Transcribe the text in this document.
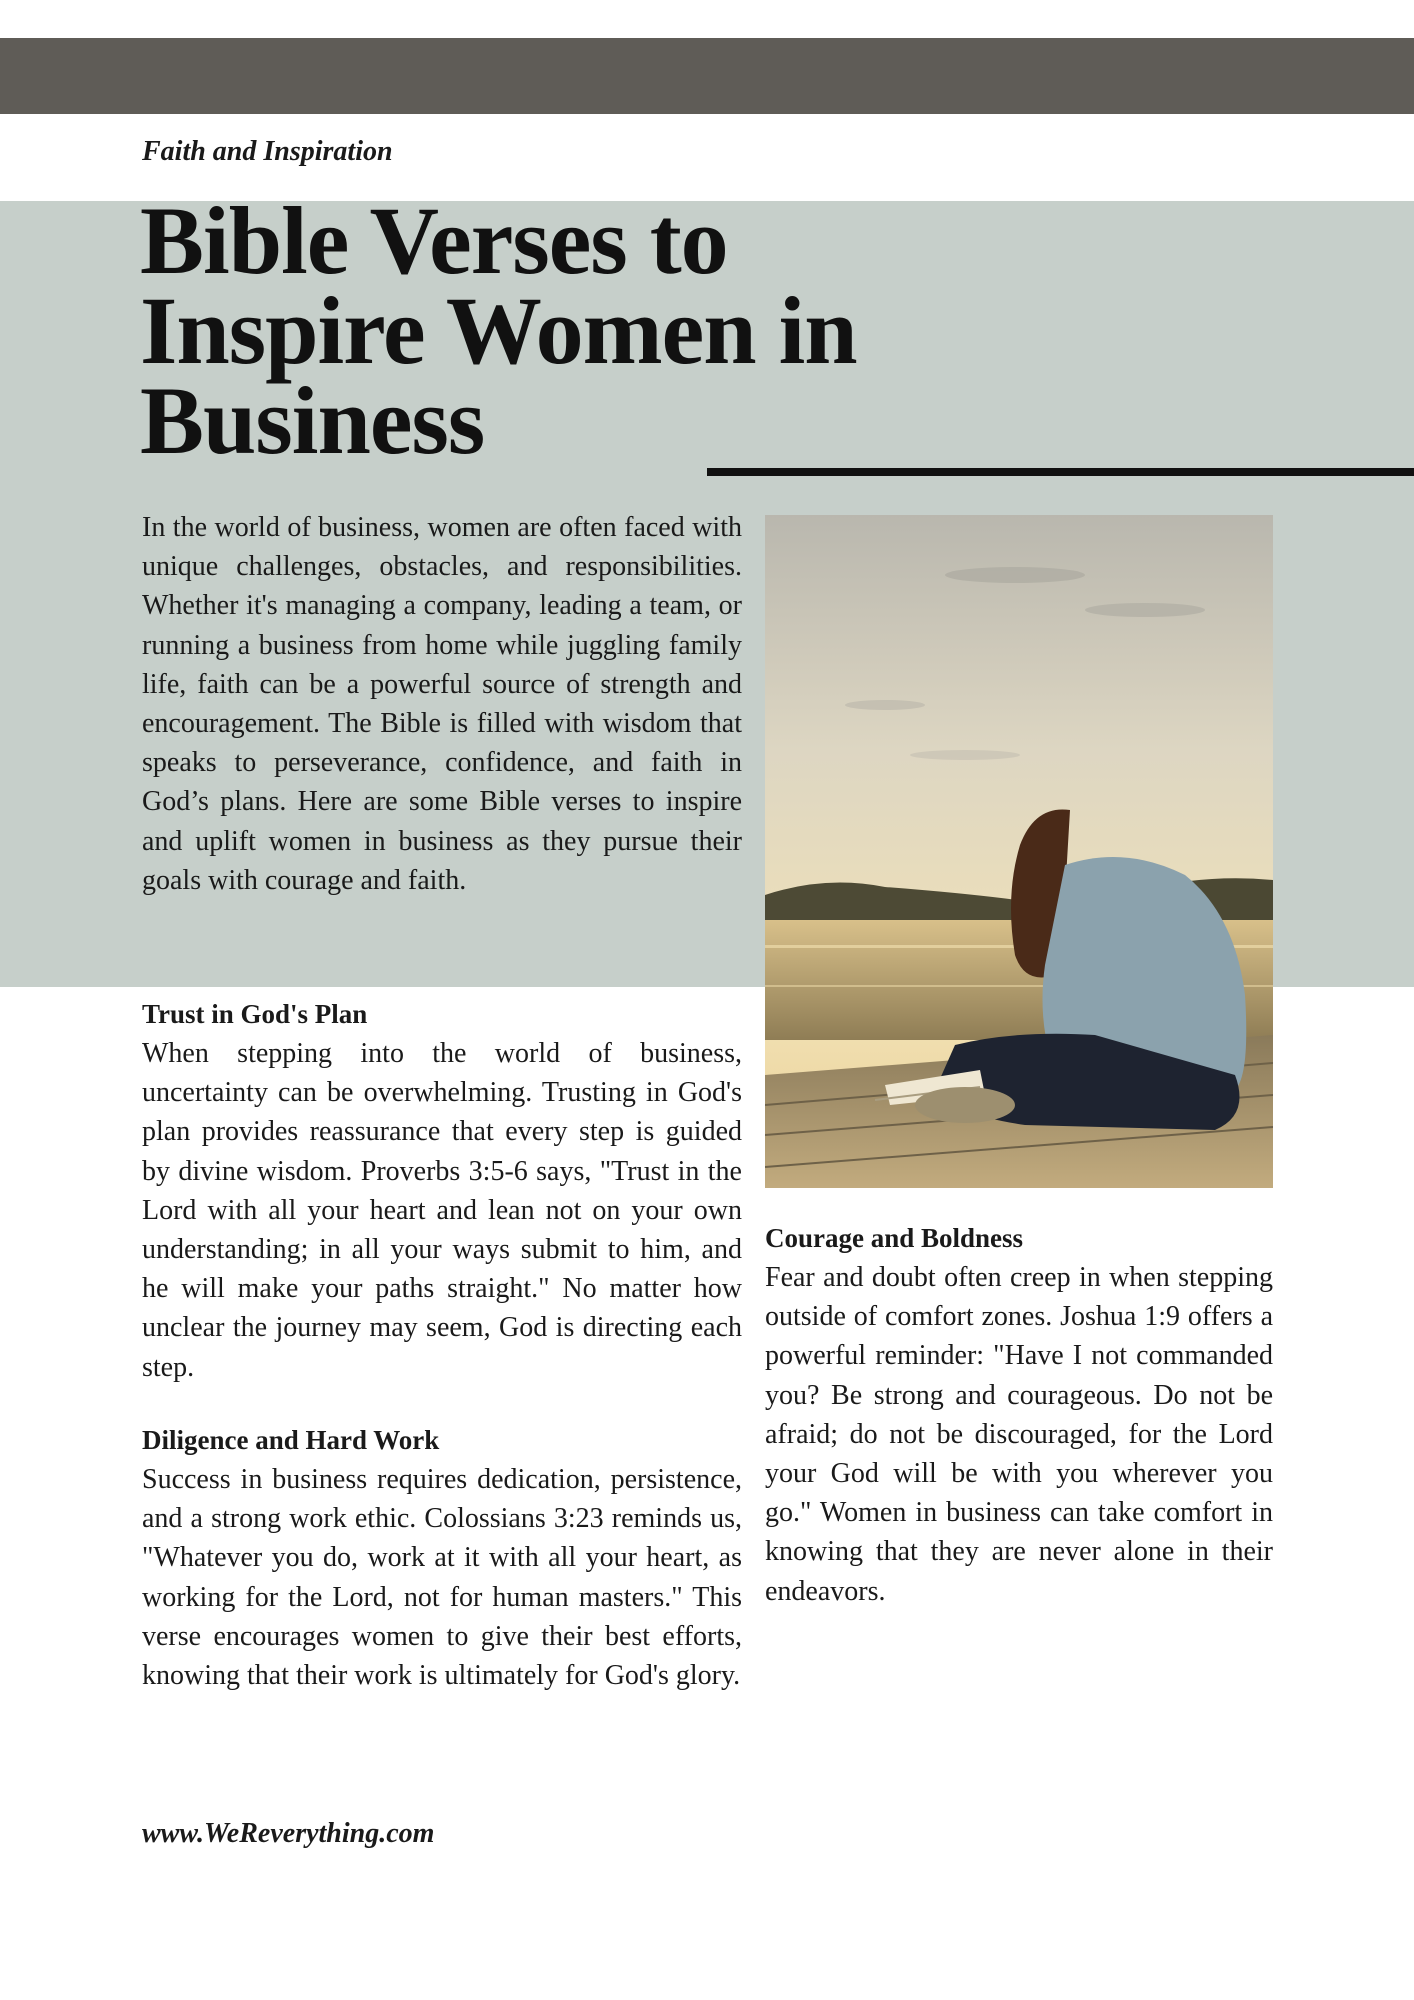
Faith and Inspiration

Bible Verses to
Inspire Women in
Business

In the world of business, women are often faced with unique challenges, obstacles, and responsibilities. Whether it's managing a company, leading a team, or running a business from home while juggling family life, faith can be a powerful source of strength and encouragement. The Bible is filled with wisdom that speaks to perseverance, confidence, and faith in God’s plans. Here are some Bible verses to inspire and uplift women in business as they pursue their goals with courage and faith.

Trust in God's Plan

When stepping into the world of business, uncertainty can be overwhelming. Trusting in God's plan provides reassurance that every step is guided by divine wisdom. Proverbs 3:5-6 says, "Trust in the Lord with all your heart and lean not on your own understanding; in all your ways submit to him, and he will make your paths straight." No matter how unclear the journey may seem, God is directing each step.

Diligence and Hard Work

Success in business requires dedication, persistence, and a strong work ethic. Colossians 3:23 reminds us, "Whatever you do, work at it with all your heart, as working for the Lord, not for human masters." This verse encourages women to give their best efforts, knowing that their work is ultimately for God's glory.

Courage and Boldness

Fear and doubt often creep in when stepping outside of comfort zones. Joshua 1:9 offers a powerful reminder: "Have I not commanded you? Be strong and courageous. Do not be afraid; do not be discouraged, for the Lord your God will be with you wherever you go." Women in business can take comfort in knowing that they are never alone in their endeavors.

www.WeReverything.com
